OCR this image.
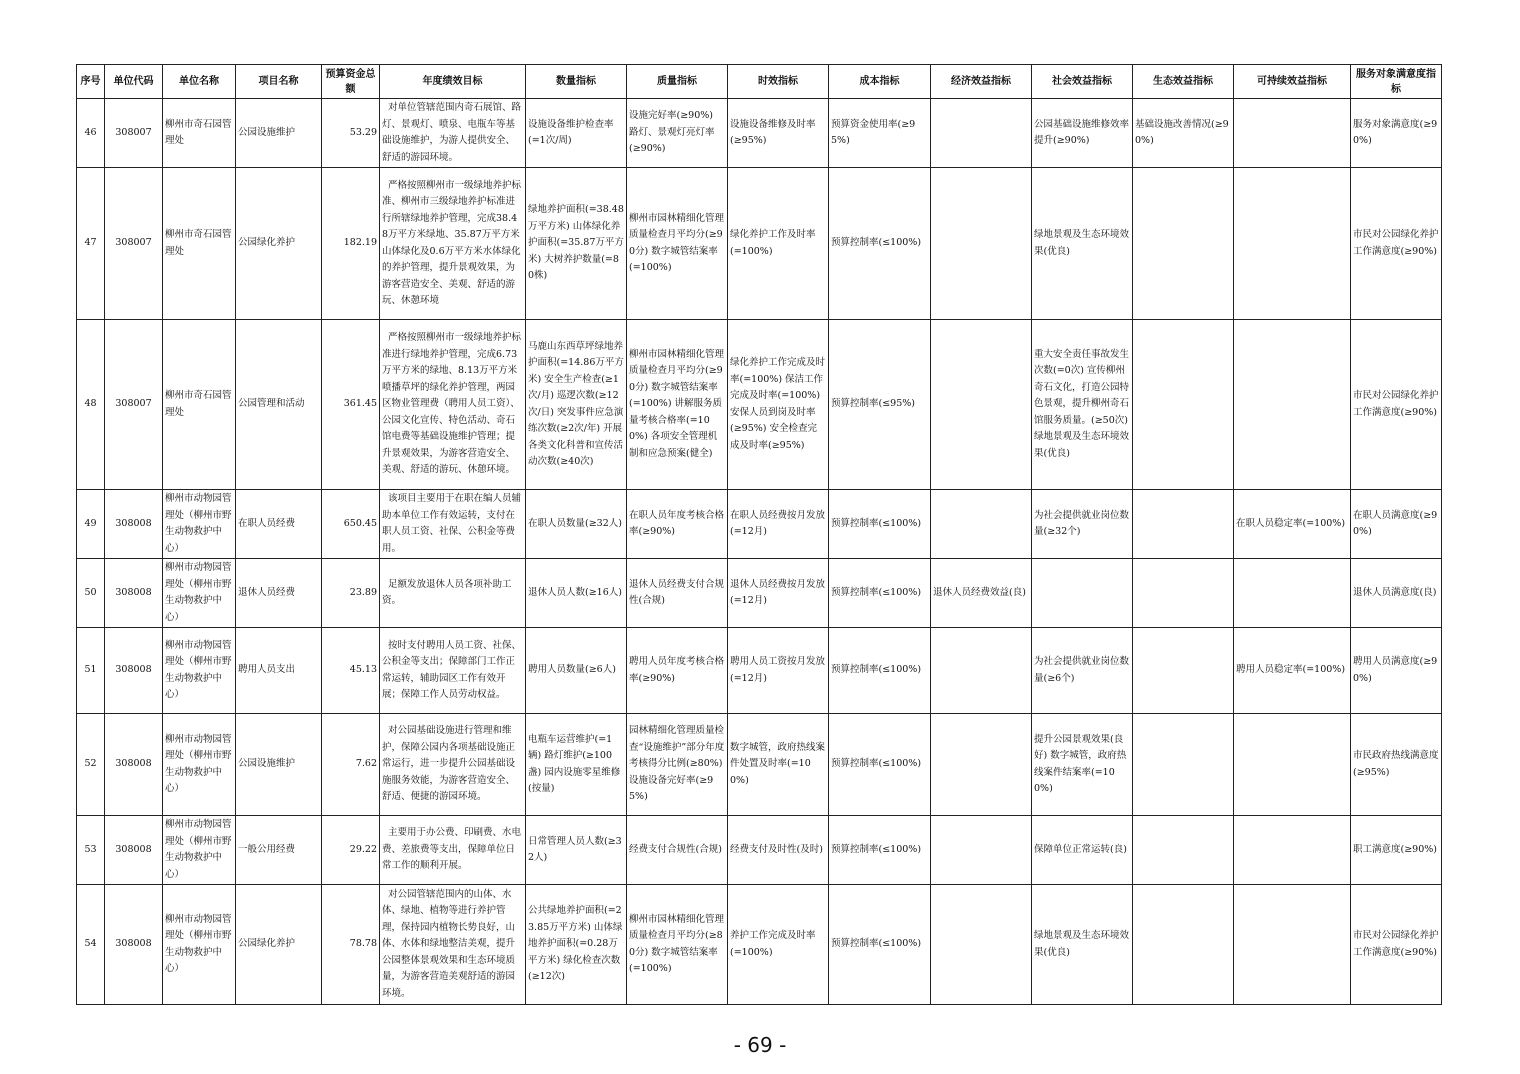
序号	单位代码	单位名称	项目名称	预算资金总额	年度绩效目标	数量指标	质量指标	时效指标	成本指标	经济效益指标	社会效益指标	生态效益指标	可持续效益指标	服务对象满意度指标
46	308007	柳州市奇石园管理处	公园设施维护	53.29	对单位管辖范围内奇石展馆、路灯、景观灯、喷泉、电瓶车等基础设施维护，为游人提供安全、舒适的游园环境。	设施设备维护检查率(=1次/周)	设施完好率(≥90%) 路灯、景观灯亮灯率(≥90%)	设施设备维修及时率(≥95%)	预算资金使用率(≥95%)		公园基础设施维修效率提升(≥90%)	基础设施改善情况(≥90%)		服务对象满意度(≥90%)
47	308007	柳州市奇石园管理处	公园绿化养护	182.19	严格按照柳州市一级绿地养护标准、柳州市三级绿地养护标准进行所辖绿地养护管理，完成38.48万平方米绿地、35.87万平方米山体绿化及0.6万平方米水体绿化的养护管理，提升景观效果，为游客营造安全、美观、舒适的游玩、休憩环境	绿地养护面积(=38.48万平方米) 山体绿化养护面积(=35.87万平方米) 大树养护数量(=80株)	柳州市园林精细化管理质量检查月平均分(≥90分) 数字城管结案率(=100%)	绿化养护工作及时率(=100%)	预算控制率(≤100%)		绿地景观及生态环境效果(优良)			市民对公园绿化养护工作满意度(≥90%)
48	308007	柳州市奇石园管理处	公园管理和活动	361.45	严格按照柳州市一级绿地养护标准进行绿地养护管理，完成6.73万平方米的绿地、8.13万平方米喷播草坪的绿化养护管理，两园区物业管理费（聘用人员工资）、公园文化宣传、特色活动、奇石馆电费等基础设施维护管理；提升景观效果，为游客营造安全、美观、舒适的游玩、休憩环境。	马鹿山东西草坪绿地养护面积(=14.86万平方米) 安全生产检查(≥1次/月) 巡逻次数(≥12次/日) 突发事件应急演练次数(≥2次/年) 开展各类文化科普和宣传活动次数(≥40次)	柳州市园林精细化管理质量检查月平均分(≥90分) 数字城管结案率(=100%) 讲解服务质量考核合格率(=100%) 各项安全管理机制和应急预案(健全)	绿化养护工作完成及时率(=100%) 保洁工作完成及时率(=100%) 安保人员到岗及时率(≥95%) 安全检查完成及时率(≥95%)	预算控制率(≤95%)		重大安全责任事故发生次数(=0次) 宣传柳州奇石文化，打造公园特色景观，提升柳州奇石馆服务质量。(≥50次) 绿地景观及生态环境效果(优良)			市民对公园绿化养护工作满意度(≥90%)
49	308008	柳州市动物园管理处（柳州市野生动物救护中心）	在职人员经费	650.45	该项目主要用于在职在编人员辅助本单位工作有效运转，支付在职人员工资、社保、公积金等费用。	在职人员数量(≥32人)	在职人员年度考核合格率(≥90%)	在职人员经费按月发放(=12月)	预算控制率(≤100%)		为社会提供就业岗位数量(≥32个)		在职人员稳定率(=100%)	在职人员满意度(≥90%)
50	308008	柳州市动物园管理处（柳州市野生动物救护中心）	退休人员经费	23.89	足额发放退休人员各项补助工资。	退休人员人数(≥16人)	退休人员经费支付合规性(合规)	退休人员经费按月发放(=12月)	预算控制率(≤100%)	退休人员经费效益(良)				退休人员满意度(良)
51	308008	柳州市动物园管理处（柳州市野生动物救护中心）	聘用人员支出	45.13	按时支付聘用人员工资、社保、公积金等支出；保障部门工作正常运转，辅助园区工作有效开展；保障工作人员劳动权益。	聘用人员数量(≥6人)	聘用人员年度考核合格率(≥90%)	聘用人员工资按月发放(=12月)	预算控制率(≤100%)		为社会提供就业岗位数量(≥6个)		聘用人员稳定率(=100%)	聘用人员满意度(≥90%)
52	308008	柳州市动物园管理处（柳州市野生动物救护中心）	公园设施维护	7.62	对公园基础设施进行管理和维护，保障公园内各项基础设施正常运行，进一步提升公园基础设施服务效能，为游客营造安全、舒适、便捷的游园环境。	电瓶车运营维护(=1辆) 路灯维护(≥100盏) 园内设施零星维修(按量)	园林精细化管理质量检查“设施维护”部分年度考核得分比例(≥80%) 设施设备完好率(≥95%)	数字城管，政府热线案件处置及时率(=100%)	预算控制率(≤100%)		提升公园景观效果(良好) 数字城管，政府热线案件结案率(=100%)			市民政府热线满意度(≥95%)
53	308008	柳州市动物园管理处（柳州市野生动物救护中心）	一般公用经费	29.22	主要用于办公费、印刷费、水电费、差旅费等支出，保障单位日常工作的顺利开展。	日常管理人员人数(≥32人)	经费支付合规性(合规)	经费支付及时性(及时)	预算控制率(≤100%)		保障单位正常运转(良)			职工满意度(≥90%)
54	308008	柳州市动物园管理处（柳州市野生动物救护中心）	公园绿化养护	78.78	对公园管辖范围内的山体、水体、绿地、植物等进行养护管理，保持园内植物长势良好，山体、水体和绿地整洁美观，提升公园整体景观效果和生态环境质量，为游客营造美观舒适的游园环境。	公共绿地养护面积(=23.85万平方米) 山体绿地养护面积(=0.28万平方米) 绿化检查次数(≥12次)	柳州市园林精细化管理质量检查月平均分(≥80分) 数字城管结案率(=100%)	养护工作完成及时率(=100%)	预算控制率(≤100%)		绿地景观及生态环境效果(优良)			市民对公园绿化养护工作满意度(≥90%)
- 69 -
